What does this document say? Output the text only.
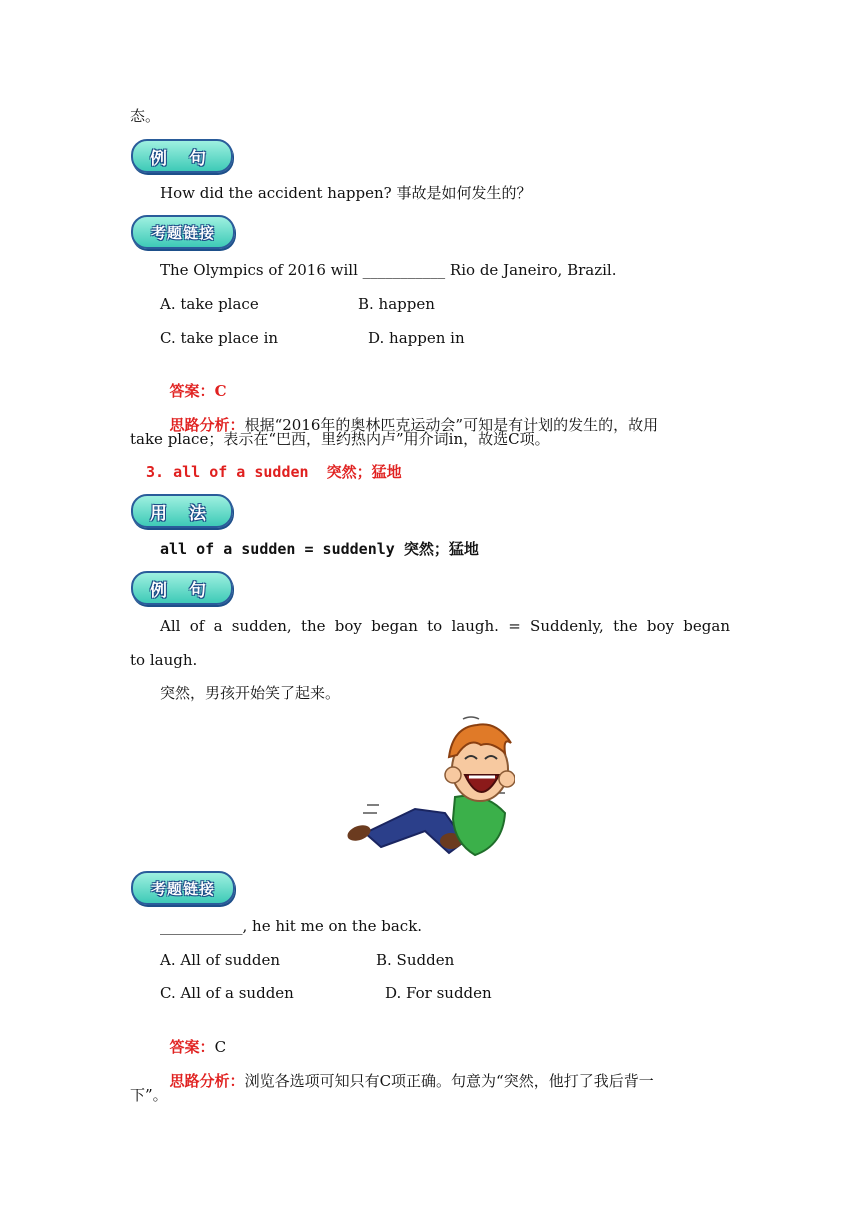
态。
例 句
How did the accident happen? 事故是如何发生的？
考题链接
The Olympics of 2016 will ___________ Rio de Janeiro, Brazil.
A. take place	B. happen
C. take place in	D. happen in

答案：C

思路分析：根据“2016年的奥林匹克运动会”可知是有计划的发生的，故用

take place；表示在“巴西，里约热内卢”用介词in，故选C项。
3. all of a sudden  突然；猛地
用 法
all of a sudden = suddenly 突然；猛地
例 句
All of a sudden, the boy began to laugh. = Suddenly, the boy began
to laugh.
突然，男孩开始笑了起来。
考题链接
___________, he hit me on the back.
A. All of sudden	B. Sudden
C. All of a sudden	D. For sudden

答案：C

思路分析：浏览各选项可知只有C项正确。句意为“突然，他打了我后背一

下”。
